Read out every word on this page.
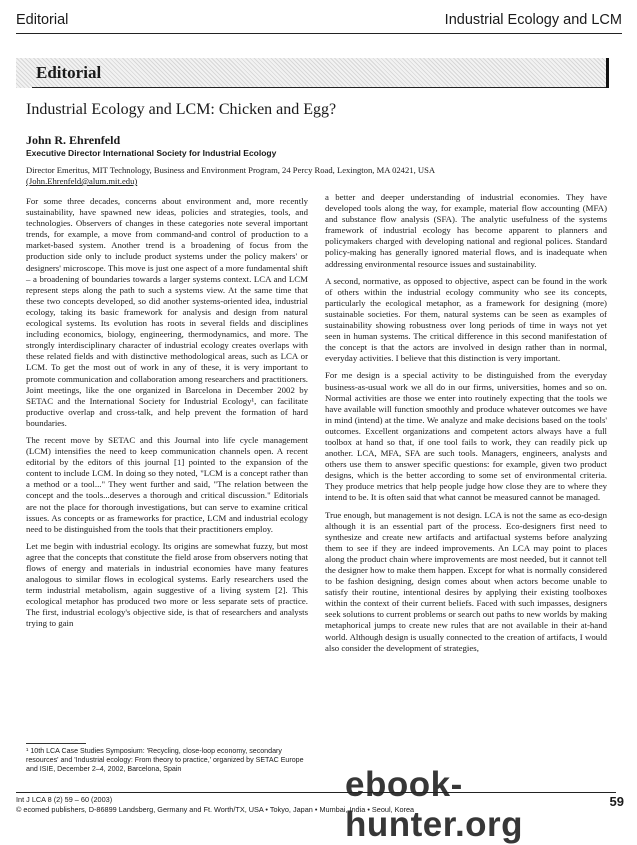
Editorial	Industrial Ecology and LCM
Editorial
Industrial Ecology and LCM: Chicken and Egg?
John R. Ehrenfeld
Executive Director International Society for Industrial Ecology
Director Emeritus, MIT Technology, Business and Environment Program, 24 Percy Road, Lexington, MA 02421, USA
(John.Ehrenfeld@alum.mit.edu)

For some three decades, concerns about environment and, more recently sustainability, have spawned new ideas, policies and strategies, tools, and technologies. Observers of changes in these categories note several important trends, for example, a move from command-and control of production to a market-based system. Another trend is a broadening of focus from the production side only to include product systems under the policy makers' or designers' microscope. This move is just one aspect of a more fundamental shift – a broadening of boundaries towards a larger systems context. LCA and LCM represent steps along the path to such a systems view. At the same time that these two concepts developed, so did another systems-oriented idea, industrial ecology, taking its basic framework for analysis and design from natural ecological systems. Its evolution has roots in several fields and disciplines including economics, biology, engineering, thermodynamics, and more. The strongly interdisciplinary character of industrial ecology creates overlaps with these related fields and with distinctive methodological areas, such as LCA or LCM. To get the most out of work in any of these, it is very important to promote communication and collaboration among researchers and practitioners. Joint meetings, like the one organized in Barcelona in December 2002 by SETAC and the International Society for Industrial Ecology¹, can facilitate productive overlap and cross-talk, and help prevent the formation of hard boundaries.

The recent move by SETAC and this Journal into life cycle management (LCM) intensifies the need to keep communication channels open. A recent editorial by the editors of this journal [1] pointed to the expansion of the content to include LCM. In doing so they noted, "LCM is a concept rather than a method or a tool..." They went further and said, "The relation between the concept and the tools...deserves a thorough and critical discussion." Editorials are not the place for thorough investigations, but can serve to examine critical issues. As concepts or as frameworks for practice, LCM and industrial ecology need to be distinguished from the tools that their practitioners employ.

Let me begin with industrial ecology. Its origins are somewhat fuzzy, but most agree that the concepts that constitute the field arose from observers noting that flows of energy and materials in industrial economies have many features analogous to similar flows in ecological systems. Early researchers used the term industrial metabolism, again suggestive of a living system [2]. This ecological metaphor has produced two more or less separate sets of practice. The first, industrial ecology's objective side, is that of researchers and analysts trying to gain

¹ 10th LCA Case Studies Symposium: 'Recycling, close-loop economy, secondary resources' and 'Industrial ecology: From theory to practice,' organized by SETAC Europe and ISIE, December 2–4, 2002, Barcelona, Spain

a better and deeper understanding of industrial economies. They have developed tools along the way, for example, material flow accounting (MFA) and substance flow analysis (SFA). The analytic usefulness of the systems framework of industrial ecology has become apparent to planners and policymakers charged with developing national and regional polices. Standard policy-making has generally ignored material flows, and is inadequate when addressing environmental resource issues and sustainability.

A second, normative, as opposed to objective, aspect can be found in the work of others within the industrial ecology community who see its concepts, particularly the ecological metaphor, as a framework for designing (more) sustainable societies. For them, natural systems can be seen as examples of sustainability showing robustness over long periods of time in ways not yet seen in human systems. The critical difference in this second manifestation of the concept is that the actors are involved in design rather than in normal, everyday activities. I believe that this distinction is very important.

For me design is a special activity to be distinguished from the everyday business-as-usual work we all do in our firms, universities, homes and so on. Normal activities are those we enter into routinely expecting that the tools we have available will function smoothly and produce whatever outcomes we have in mind (intend) at the time. We analyze and make decisions based on the tools' outcomes. Excellent organizations and competent actors always have a full toolbox at hand so that, if one tool fails to work, they can readily pick up another. LCA, MFA, SFA are such tools. Managers, engineers, analysts and others use them to answer specific questions: for example, given two product designs, which is the better according to some set of environmental criteria. They produce metrics that help people judge how close they are to where they intend to be. It is often said that what cannot be measured cannot be managed.

True enough, but management is not design. LCA is not the same as eco-design although it is an essential part of the process. Eco-designers first need to synthesize and create new artifacts and artifactual systems before analyzing them to see if they are indeed improvements. An LCA may point to places along the product chain where improvements are most needed, but it cannot tell the designer how to make them happen. Except for what is normally considered to be fashion designing, design comes about when actors become unable to satisfy their routine, intentional desires by applying their existing toolboxes within the context of their current beliefs. Faced with such impasses, designers seek solutions to current problems or search out paths to new worlds by making metaphorical jumps to create new rules that are not available in their at-hand world. Although design is usually connected to the creation of artifacts, I would also consider the development of strategies,

Int J LCA 8 (2) 59 – 60 (2003)
© ecomed publishers, D-86899 Landsberg, Germany and Ft. Worth/TX, USA • Tokyo, Japan • Mumbai, India • Seoul, Korea
59
ebook-hunter.org
